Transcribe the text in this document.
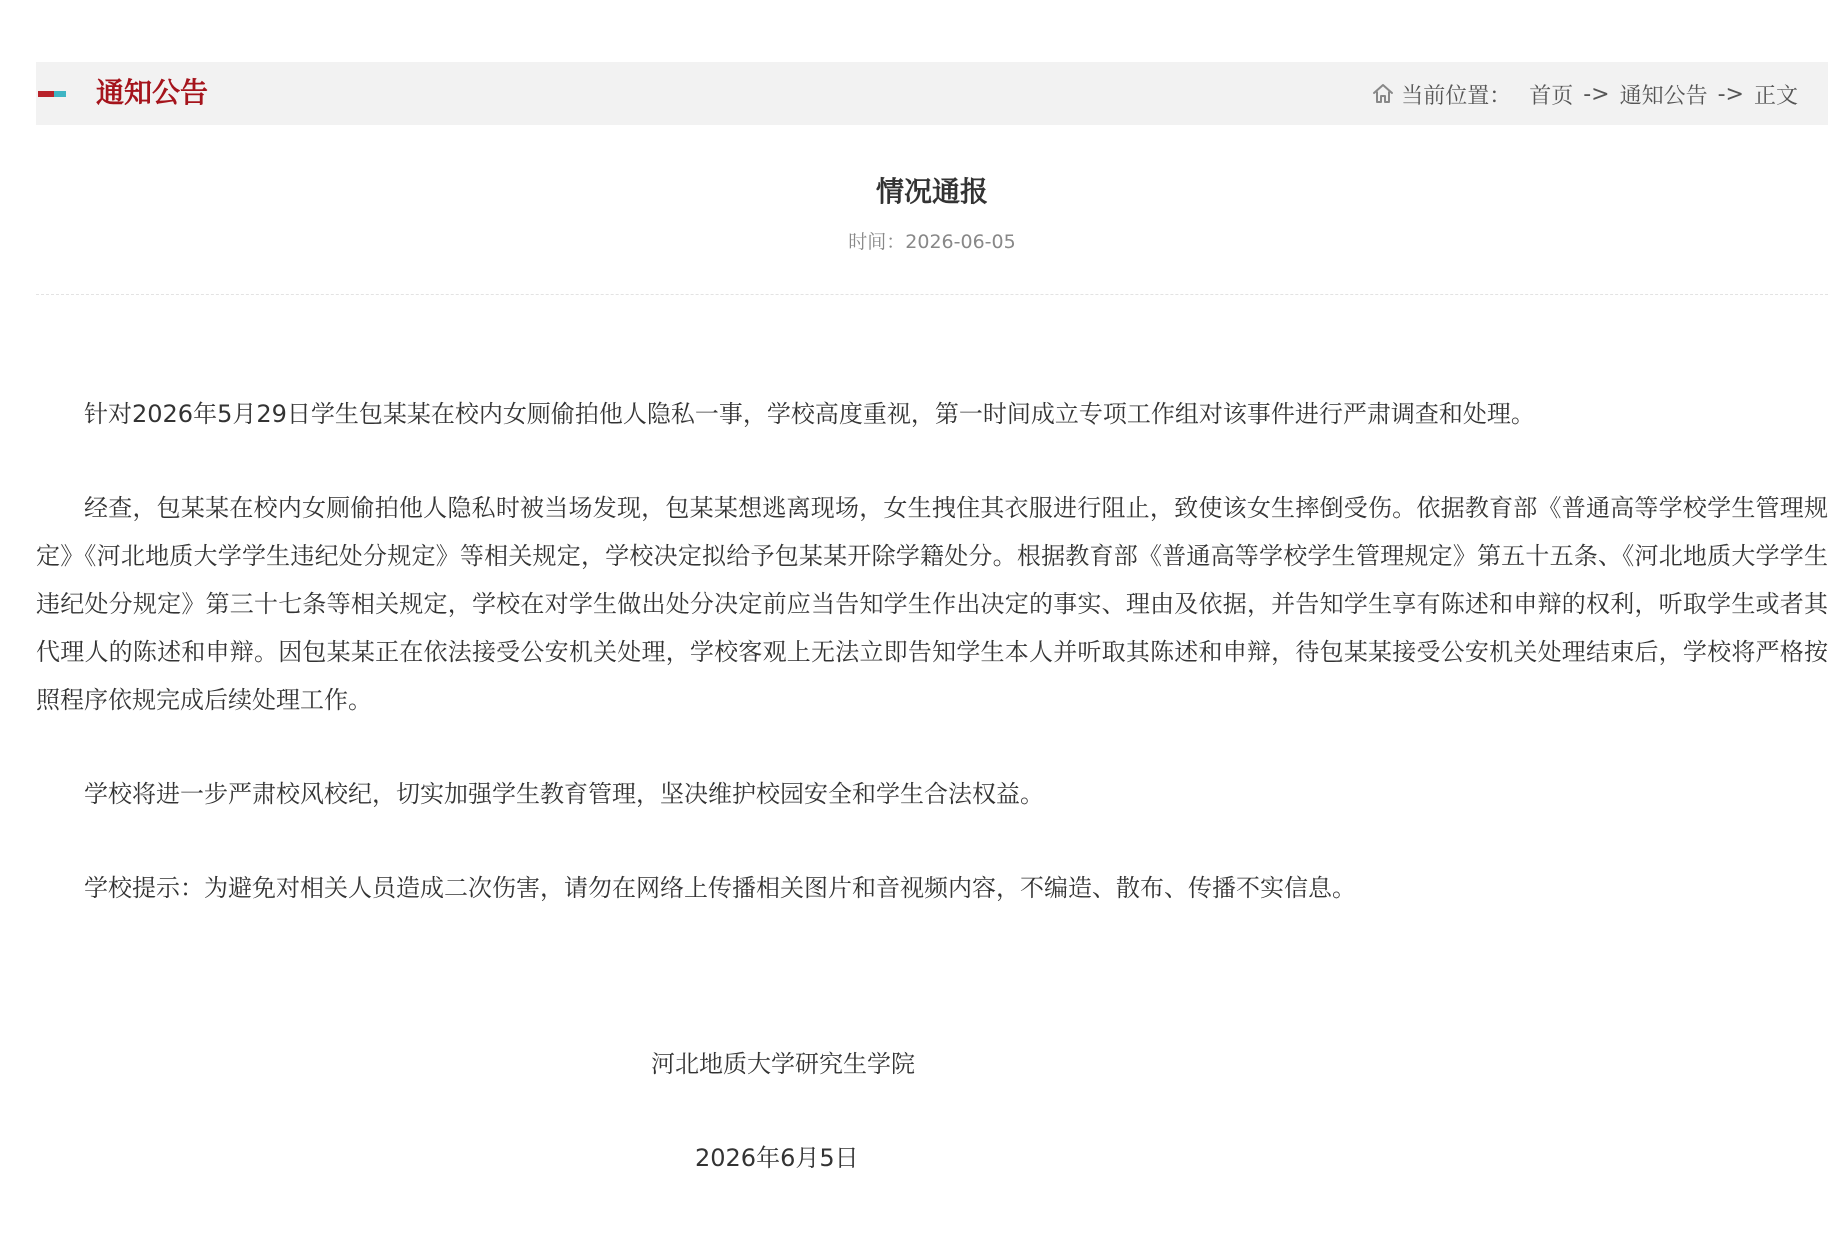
通知公告	当前位置： 首页 -> 通知公告 -> 正文
情况通报
时间：2026-06-05

针对2026年5月29日学生包某某在校内女厕偷拍他人隐私一事，学校高度重视，第一时间成立专项工作组对该事件进行严肃调查和处理。

经查，包某某在校内女厕偷拍他人隐私时被当场发现，包某某想逃离现场，女生拽住其衣服进行阻止，致使该女生摔倒受伤。依据教育部《普通高等学校学生管理规定》《河北地质大学学生违纪处分规定》等相关规定，学校决定拟给予包某某开除学籍处分。根据教育部《普通高等学校学生管理规定》第五十五条、《河北地质大学学生违纪处分规定》第三十七条等相关规定，学校在对学生做出处分决定前应当告知学生作出决定的事实、理由及依据，并告知学生享有陈述和申辩的权利，听取学生或者其代理人的陈述和申辩。因包某某正在依法接受公安机关处理，学校客观上无法立即告知学生本人并听取其陈述和申辩，待包某某接受公安机关处理结束后，学校将严格按照程序依规完成后续处理工作。

学校将进一步严肃校风校纪，切实加强学生教育管理，坚决维护校园安全和学生合法权益。

学校提示：为避免对相关人员造成二次伤害，请勿在网络上传播相关图片和音视频内容，不编造、散布、传播不实信息。

河北地质大学研究生学院
2026年6月5日
